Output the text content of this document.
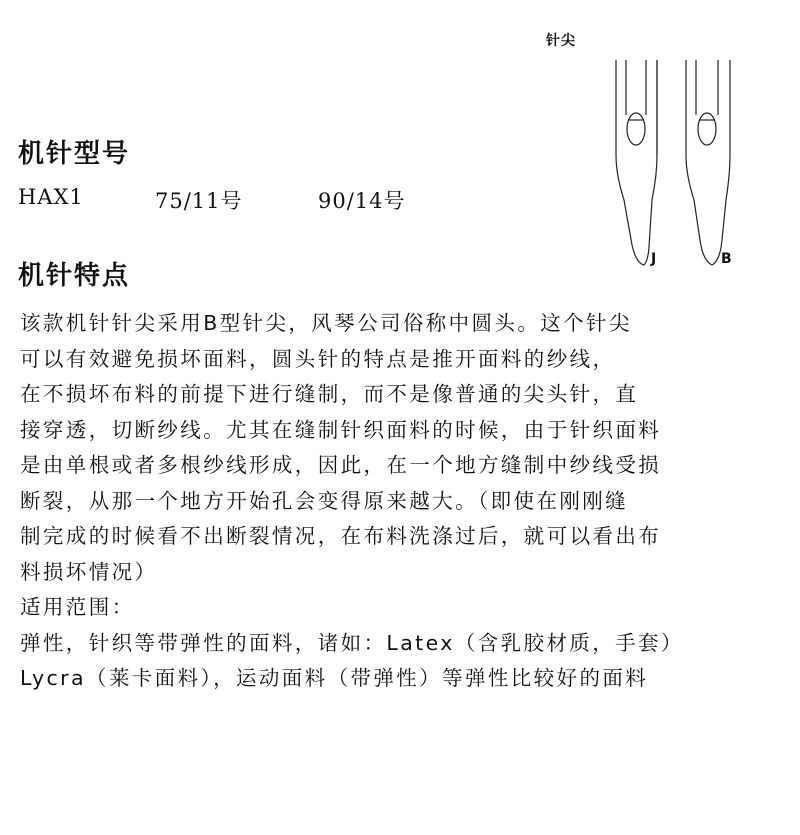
针尖
J	B
机针型号
HAX1	75/11号	90/14号
机针特点
该款机针针尖采用B型针尖，风琴公司俗称中圆头。这个针尖
可以有效避免损坏面料，圆头针的特点是推开面料的纱线，
在不损坏布料的前提下进行缝制，而不是像普通的尖头针，直
接穿透，切断纱线。尤其在缝制针织面料的时候，由于针织面料
是由单根或者多根纱线形成，因此，在一个地方缝制中纱线受损
断裂，从那一个地方开始孔会变得原来越大。（即使在刚刚缝
制完成的时候看不出断裂情况，在布料洗涤过后，就可以看出布
料损坏情况）
适用范围：
弹性，针织等带弹性的面料，诸如：Latex（含乳胶材质，手套）
Lycra（莱卡面料），运动面料（带弹性）等弹性比较好的面料
